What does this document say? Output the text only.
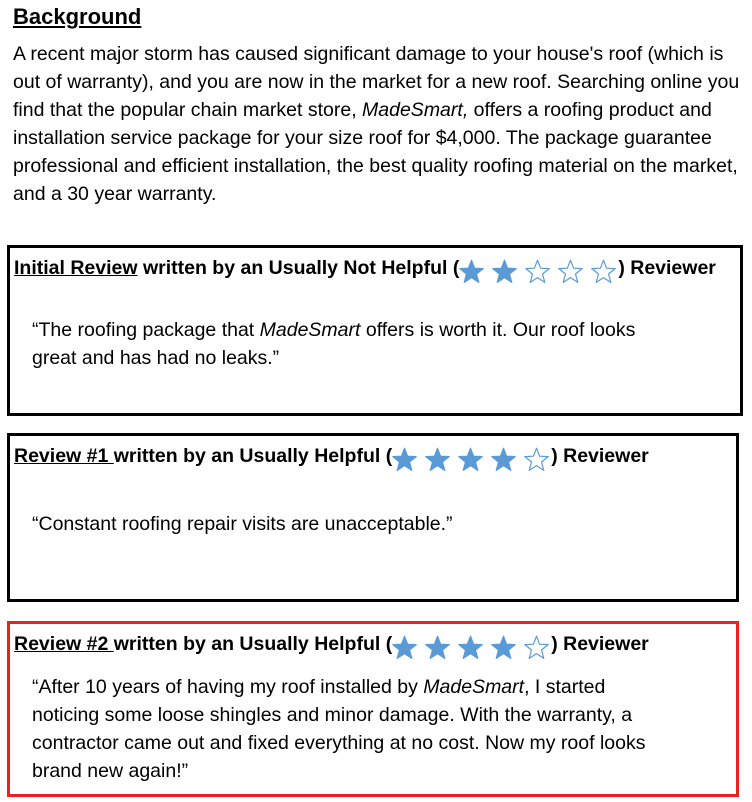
Background

A recent major storm has caused significant damage to your house's roof (which is out of warranty), and you are now in the market for a new roof. Searching online you find that the popular chain market store, MadeSmart, offers a roofing product and installation service package for your size roof for $4,000. The package guarantee professional and efficient installation, the best quality roofing material on the market, and a 30 year warranty.

Initial Review written by an Usually Not Helpful (	) Reviewer

“The roofing package that MadeSmart offers is worth it. Our roof looks great and has had no leaks.”

Review #1 written by an Usually Helpful (	) Reviewer

“Constant roofing repair visits are unacceptable.”

Review #2 written by an Usually Helpful (	) Reviewer

“After 10 years of having my roof installed by MadeSmart, I started noticing some loose shingles and minor damage. With the warranty, a contractor came out and fixed everything at no cost. Now my roof looks brand new again!”
